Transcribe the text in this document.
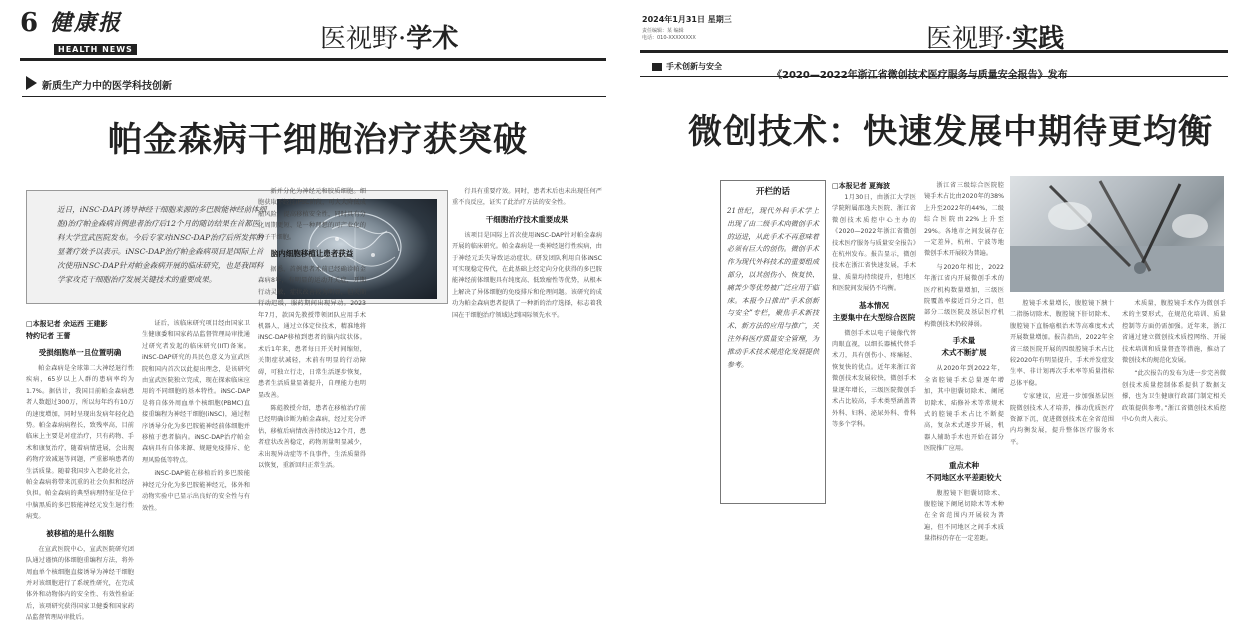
6 健康报
HEALTH NEWS	医视野·学术
新质生产力中的医学科技创新
帕金森病干细胞治疗获突破
近日，iNSC-DAP(诱导神经干细胞来源的多巴胺能神经前体细胞)治疗帕金森病首例患者治疗后12个月的随访结果在首都医科大学宣武医院发布。今后专家对iNSC-DAP治疗后所发挥的显著疗效予以表示。iNSC-DAP治疗帕金森病项目是国际上首次使用iNSC-DAP针对帕金森病开展的临床研究，也是我国科学家攻克干细胞治疗发展关键技术的重要成果。
□本报记者 余运西 王建影
特约记者 王蕾
受损细胞单一且位置明确
帕金森病是全球第二大神经退行性疾病，65岁以上人群的患病率约为1.7%。据估计，我国目前帕金森病患者人数超过300万，所以每年约有10万的速度增加，同时呈现出发病年轻化趋势。帕金森病病程长，致残率高，目前临床上主要是对症治疗，只有药物、手术和康复治疗，随着病情进展，会出现药物疗效减退等问题，严重影响患者的生活质量。随着我国步入老龄化社会，帕金森病将带来沉重的社会负担和经济负担。帕金森病的典型病理特征是位于中脑黑质的多巴胺能神经元发生退行性病变。
被移植的是什么细胞
在宣武医院中心，宣武医院研究团队通过谨慎的体细胞重编程方法，将外周血单个核细胞直接诱导为神经干细胞并对该细胞进行了系统性研究，在完成体外和动物体内的安全性、有效性验证后，该项研究获得国家卫健委和国家药品监督管理局审批后。
证后，该临床研究项目经由国家卫生健康委和国家药品监督管理局审批通过研究者发起的临床研究(IIT)备案。iNSC-DAP研究的具民色意义为宣武医院和国内首次以此提出理念，是该研究由宣武医院独立完成，现在探索临床应用的不同细胞的基本特性。iNSC-DAP是将自体外周血单个核细胞(PBMC)直接重编程为神经干细胞(iNSC)，通过程序诱导分化为多巴胺能神经前体细胞并移植于患者脑内。iNSC-DAP治疗帕金森病具有自体来源、规避免疫排斥、伦理风险低等特点。
iNSC-DAP能在移植后的多巴胺能神经元分化为多巴胺能神经元，体外和动物实验中已显示出良好的安全性与有效性。
新并分化为神经元和胶质细胞。细胞获取不经过iPSC阶段，可大大降低成瘤风险，提高移植安全性，同时具有分化周期更短、是一种理想的可产业化的种子干细胞。
脑内细胞移植让患者获益
据悉，首例患者术前已经确诊帕金森病8年，有明显的运动开关症，开期行动灵敏，症状改善较为明显，但关期行动迟缓，服药期间出现异动。2023年7月，款国先教授带领团队应用手术机器人，通过立体定位技术，精准地将iNSC-DAP移植到患者的脑内纹状体。术后1年来，患者每日开关时间缩短，关期症状减轻，术前有明显的行动障碍，可独立行走，日常生活逐步恢复，患者生活质量显著提升，自理能力也明显改善。
陈彪教授介绍，患者在移植治疗前已经明确诊断为帕金森病，经过充分评估，移植后病情改善持续达12个月，患者症状改善稳定，药物剂量明显减少，未出现异动症等不良事件，生活质量得以恢复，重新回归正常生活。
行具有重要疗效。同时，患者术后也未出现任何严重不良反应，证实了此治疗方法的安全性。
干细胞治疗技术重要成果
该项目是国际上首次使用iNSC-DAP针对帕金森病开展的临床研究。帕金森病是一类神经退行性疾病，由于神经元丢失导致运动症状。研发团队利用自体iNSC可实现稳定传代，在此基础上经定向分化获得的多巴胺能神经前体细胞具有纯度高、低致瘤性等优势，从根本上解决了异体细胞的免疫排斥和伦理问题。该研究的成功为帕金森病患者提供了一种新的治疗选择，标志着我国在干细胞治疗领域达到国际领先水平。
2024年1月31日 星期三
责任编辑：某 编辑
电话：010-XXXXXXXX	医视野·实践
手术创新与安全
《2020—2022年浙江省微创技术医疗服务与质量安全报告》发布
微创技术：快速发展中期待更均衡
开栏的话
21世纪，现代外科手术学上出现了由二级手术向微创手术的迈进，从此手术不再意味着必须有巨大的创伤。微创手术作为现代外科技术的重要组成部分，以其创伤小、恢复快、痛苦少等优势被广泛应用于临床。本报今日推出“手术创新与安全”专栏，聚焦手术新技术、新方法的应用与推广，关注外科医疗质量安全管理，为推动手术技术规范化发展提供参考。
□本报记者 夏海波
1月30日，由浙江大学医学院附属邵逸夫医院、浙江省微创技术质控中心主办的《2020—2022年浙江省微创技术医疗服务与质量安全报告》在杭州发布。报告显示，微创技术在浙江省快速发展，手术量、质量均持续提升，但地区和医院间发展仍不均衡。
基本情况
主要集中在大型综合医院
微创手术以电子镜像代替肉眼直视，以细长器械代替手术刀，具有创伤小、疼痛轻、恢复快的优点。近年来浙江省微创技术发展较快，微创手术量逐年增长，三级医院微创手术占比较高，手术类型涵盖普外科、妇科、泌尿外科、骨科等多个学科。
浙江省三级综合医院腔镜手术占比由2020年的38%上升至2022年的44%，二级综合医院由22%上升至29%。各地市之间发展存在一定差异，杭州、宁波等地微创手术开展较为普遍。
与2020年相比，2022年浙江省内开展微创手术的医疗机构数量增加，三级医院覆盖率接近百分之百，但部分二级医院及基层医疗机构微创技术仍较薄弱。
手术量
术式不断扩展
从2020年到2022年，全省腔镜手术总量逐年增加，其中胆囊切除术、阑尾切除术、疝修补术等常规术式的腔镜手术占比不断提高，复杂术式逐步开展，机器人辅助手术也开始在部分医院推广应用。
重点术种
不同地区水平差距较大
腹腔镜下胆囊切除术、腹腔镜下阑尾切除术等术种在全省范围内开展较为普遍，但不同地区之间手术质量指标仍存在一定差距。
腔镜手术量增长，腹腔镜下胰十二指肠切除术、腹腔镜下肝切除术、腹腔镜下直肠癌根治术等高难度术式开展数量增加。报告指出，2022年全省三级医院开展的四级腔镜手术占比较2020年有明显提升，手术并发症发生率、非计划再次手术率等质量指标总体平稳。
专家建议，应进一步加强基层医院微创技术人才培养，推动优质医疗资源下沉，促进微创技术在全省范围内均衡发展，提升整体医疗服务水平。
术质量，腹腔镜手术作为微创手术的主要形式，在规范化培训、质量控制等方面仍需加强。近年来，浙江省通过建立微创技术质控网络、开展技术培训和质量督查等措施，推动了微创技术的规范化发展。
“此次报告的发布为进一步完善微创技术质量控制体系提供了数据支撑，也为卫生健康行政部门制定相关政策提供参考。”浙江省微创技术质控中心负责人表示。
